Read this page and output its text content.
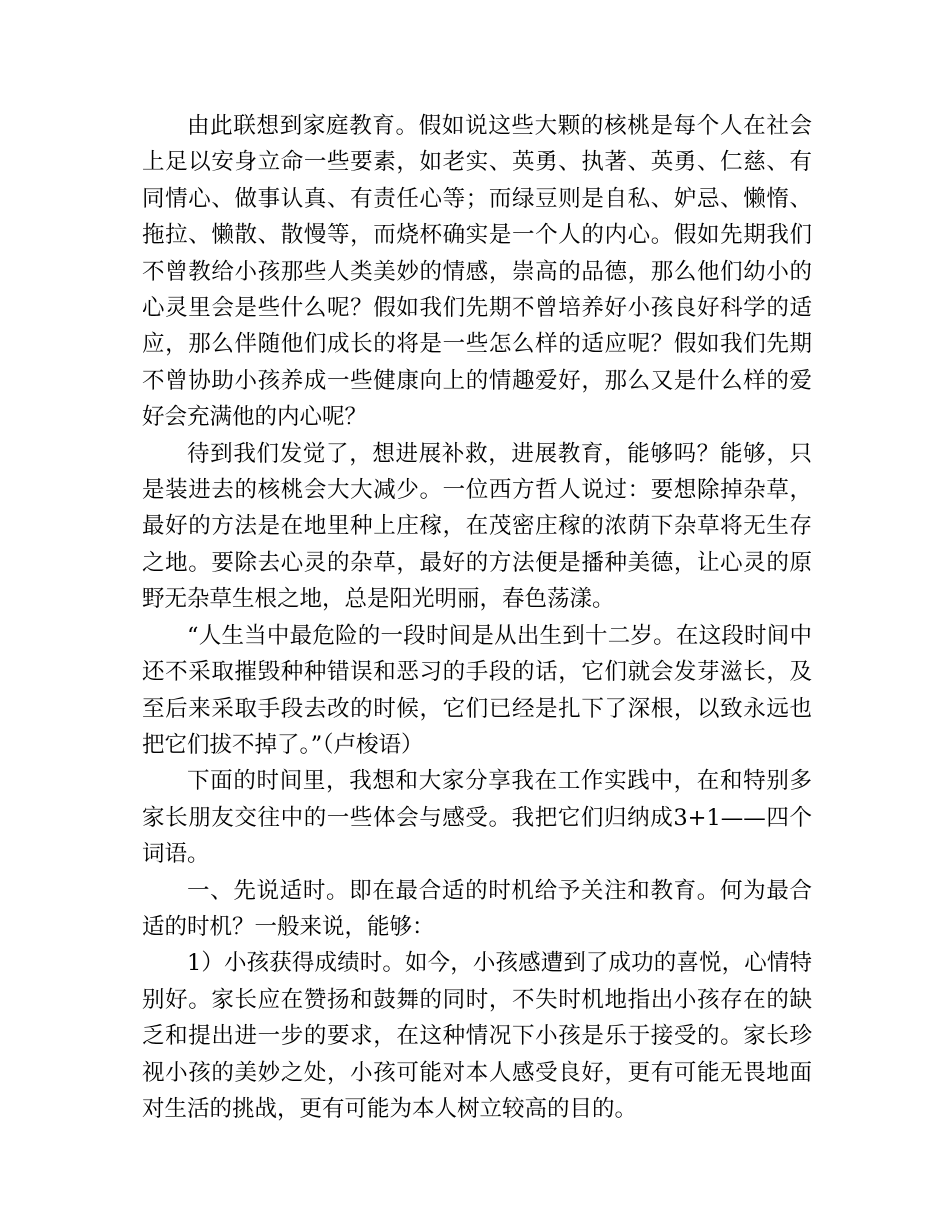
由此联想到家庭教育。假如说这些大颗的核桃是每个人在社会上足以安身立命一些要素，如老实、英勇、执著、英勇、仁慈、有同情心、做事认真、有责任心等；而绿豆则是自私、妒忌、懒惰、拖拉、懒散、散慢等，而烧杯确实是一个人的内心。假如先期我们不曾教给小孩那些人类美妙的情感，崇高的品德，那么他们幼小的心灵里会是些什么呢？假如我们先期不曾培养好小孩良好科学的适应，那么伴随他们成长的将是一些怎么样的适应呢？假如我们先期不曾协助小孩养成一些健康向上的情趣爱好，那么又是什么样的爱好会充满他的内心呢？

待到我们发觉了，想进展补救，进展教育，能够吗？能够，只是装进去的核桃会大大减少。一位西方哲人说过：要想除掉杂草，最好的方法是在地里种上庄稼，在茂密庄稼的浓荫下杂草将无生存之地。要除去心灵的杂草，最好的方法便是播种美德，让心灵的原野无杂草生根之地，总是阳光明丽，春色荡漾。

“人生当中最危险的一段时间是从出生到十二岁。在这段时间中还不采取摧毁种种错误和恶习的手段的话，它们就会发芽滋长，及至后来采取手段去改的时候，它们已经是扎下了深根，以致永远也把它们拔不掉了。”（卢梭语）

下面的时间里，我想和大家分享我在工作实践中，在和特别多家长朋友交往中的一些体会与感受。我把它们归纳成3+1——四个词语。

一、先说适时。即在最合适的时机给予关注和教育。何为最合适的时机？一般来说，能够：

1）小孩获得成绩时。如今，小孩感遭到了成功的喜悦，心情特别好。家长应在赞扬和鼓舞的同时，不失时机地指出小孩存在的缺乏和提出进一步的要求，在这种情况下小孩是乐于接受的。家长珍视小孩的美妙之处，小孩可能对本人感受良好，更有可能无畏地面对生活的挑战，更有可能为本人树立较高的目的。
